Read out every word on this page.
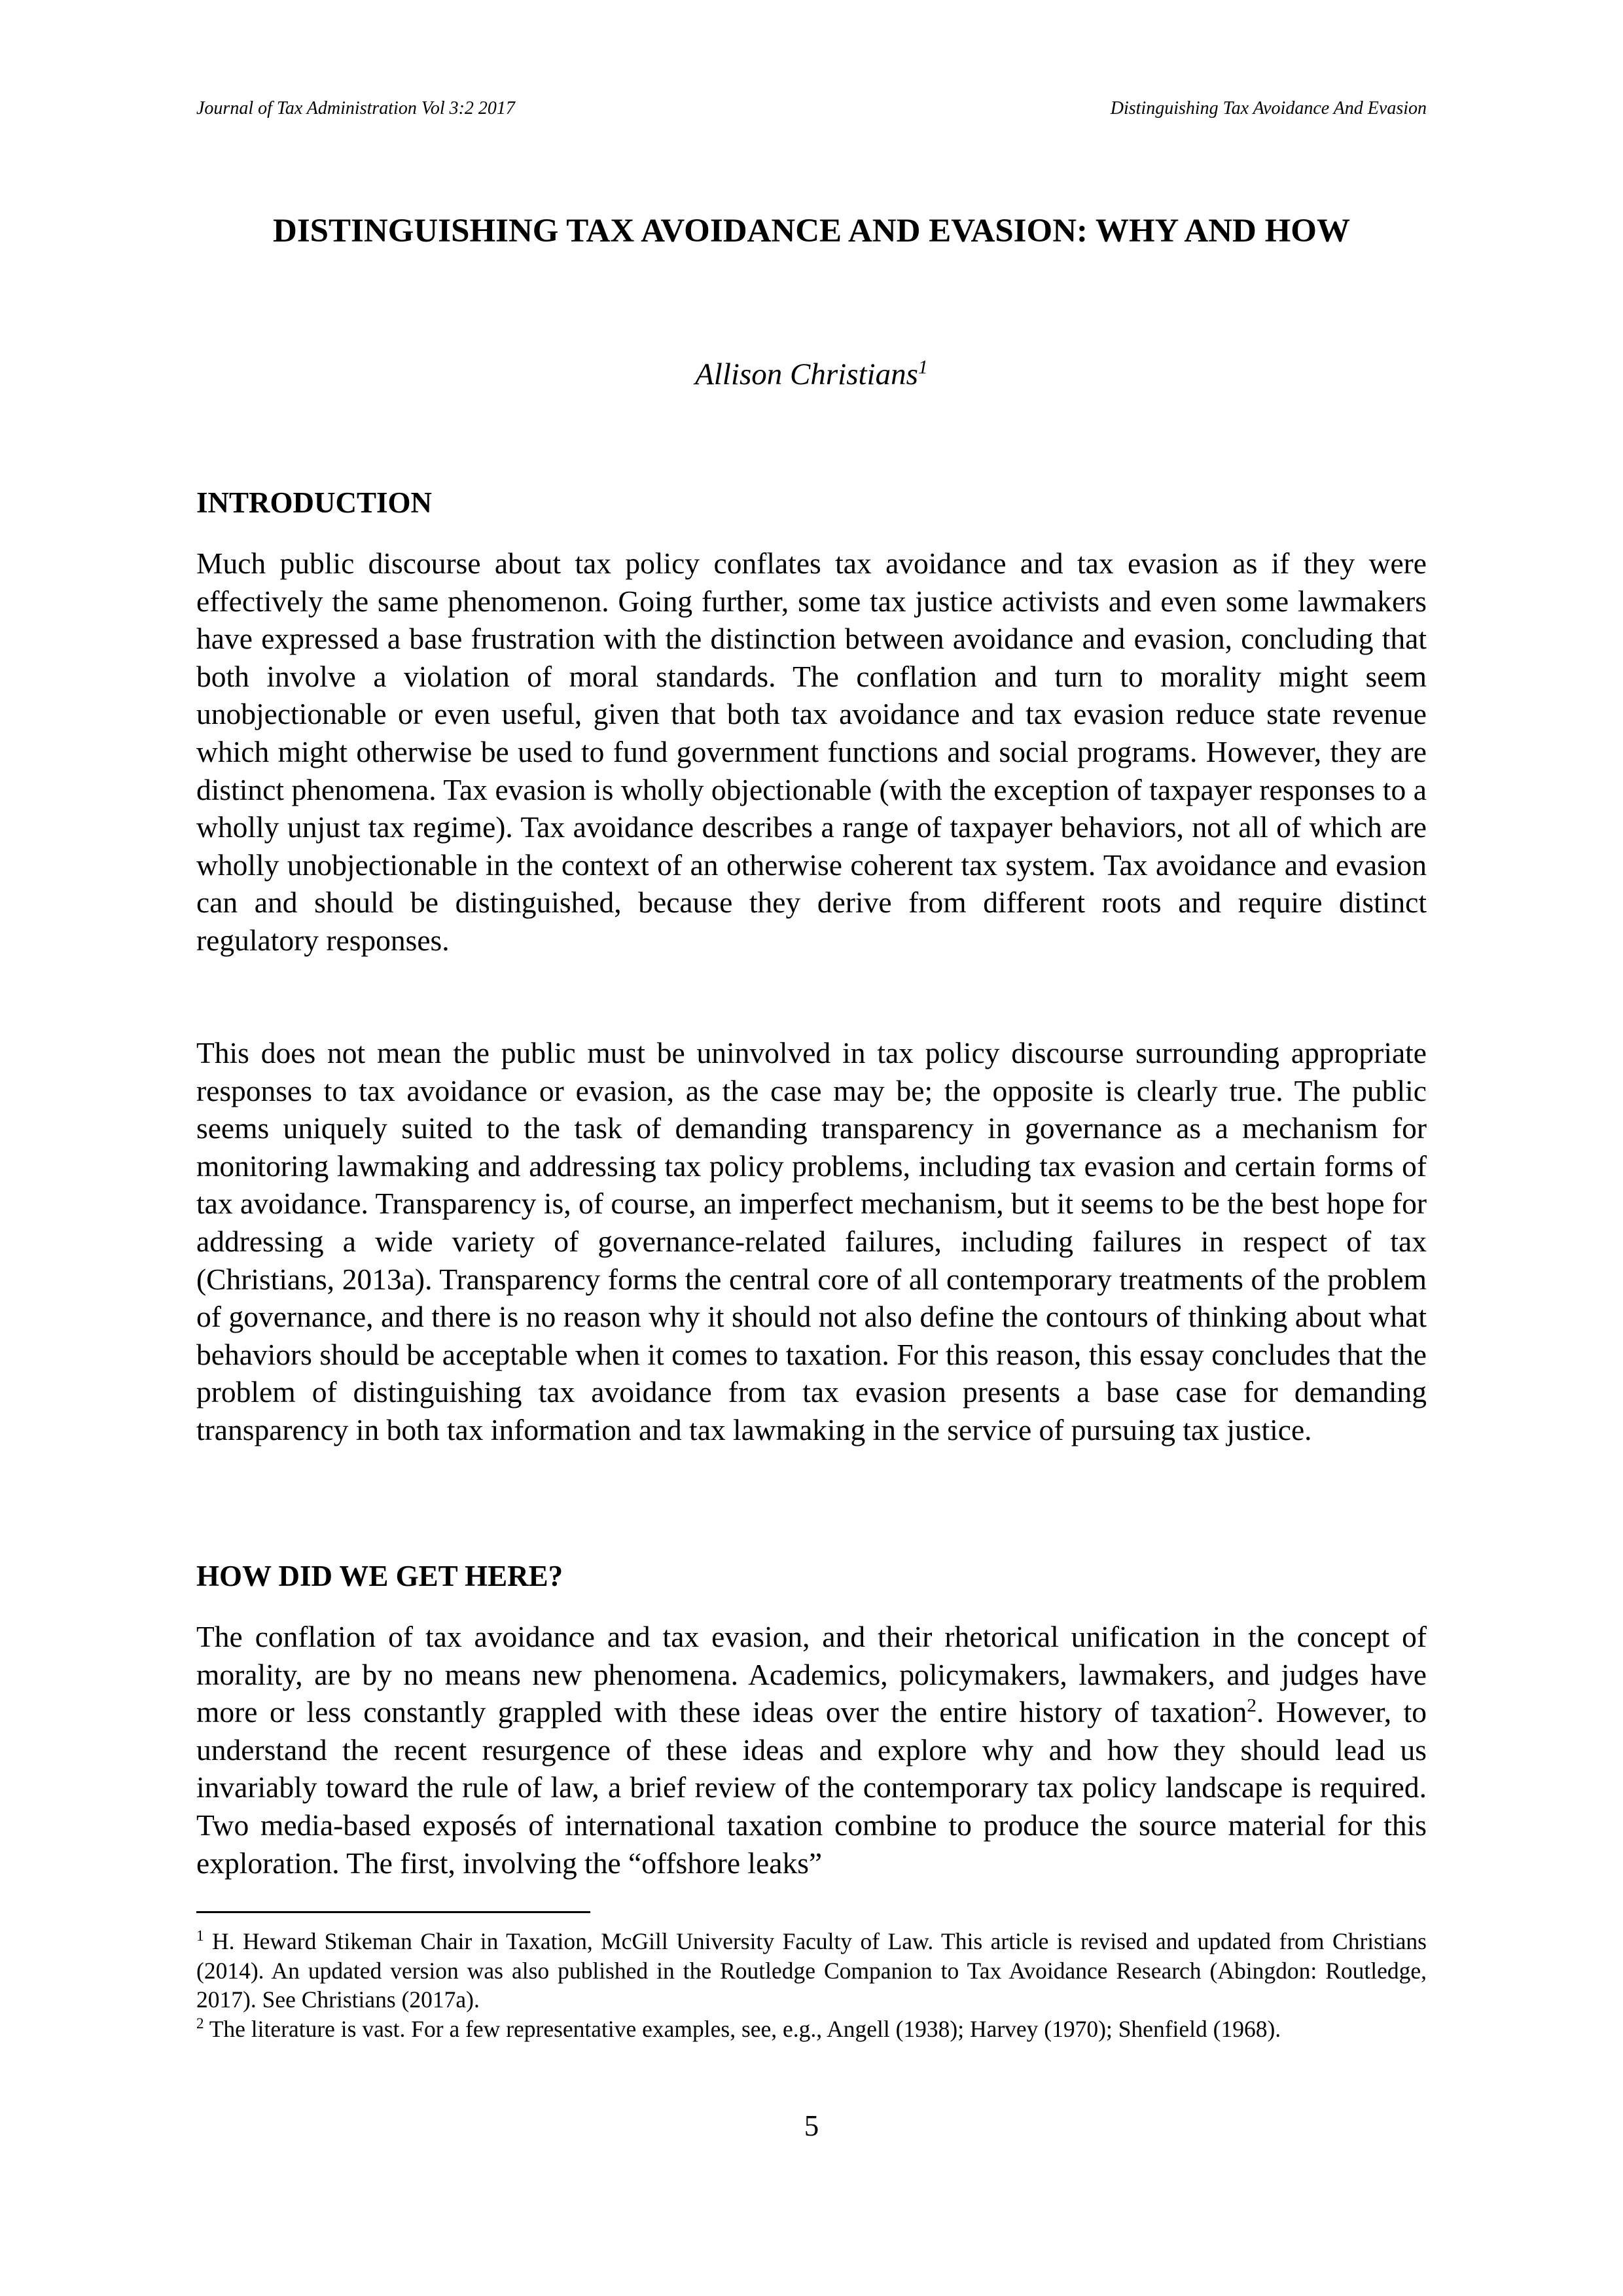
Journal of Tax Administration Vol 3:2 2017	Distinguishing Tax Avoidance And Evasion
DISTINGUISHING TAX AVOIDANCE AND EVASION: WHY AND HOW

Allison Christians$^1$

INTRODUCTION

Much public discourse about tax policy conflates tax avoidance and tax evasion as if they were effectively the same phenomenon. Going further, some tax justice activists and even some lawmakers have expressed a base frustration with the distinction between avoidance and evasion, concluding that both involve a violation of moral standards. The conflation and turn to morality might seem unobjectionable or even useful, given that both tax avoidance and tax evasion reduce state revenue which might otherwise be used to fund government functions and social programs. However, they are distinct phenomena. Tax evasion is wholly objectionable (with the exception of taxpayer responses to a wholly unjust tax regime). Tax avoidance describes a range of taxpayer behaviors, not all of which are wholly unobjectionable in the context of an otherwise coherent tax system. Tax avoidance and evasion can and should be distinguished, because they derive from different roots and require distinct regulatory responses.

This does not mean the public must be uninvolved in tax policy discourse surrounding appropriate responses to tax avoidance or evasion, as the case may be; the opposite is clearly true. The public seems uniquely suited to the task of demanding transparency in governance as a mechanism for monitoring lawmaking and addressing tax policy problems, including tax evasion and certain forms of tax avoidance. Transparency is, of course, an imperfect mechanism, but it seems to be the best hope for addressing a wide variety of governance-related failures, including failures in respect of tax (Christians, 2013a). Transparency forms the central core of all contemporary treatments of the problem of governance, and there is no reason why it should not also define the contours of thinking about what behaviors should be acceptable when it comes to taxation. For this reason, this essay concludes that the problem of distinguishing tax avoidance from tax evasion presents a base case for demanding transparency in both tax information and tax lawmaking in the service of pursuing tax justice.

HOW DID WE GET HERE?

The conflation of tax avoidance and tax evasion, and their rhetorical unification in the concept of morality, are by no means new phenomena. Academics, policymakers, lawmakers, and judges have more or less constantly grappled with these ideas over the entire history of taxation$^2$. However, to understand the recent resurgence of these ideas and explore why and how they should lead us invariably toward the rule of law, a brief review of the contemporary tax policy landscape is required. Two media-based exposés of international taxation combine to produce the source material for this exploration. The first, involving the “offshore leaks”

$^1$ H. Heward Stikeman Chair in Taxation, McGill University Faculty of Law. This article is revised and updated from Christians (2014). An updated version was also published in the Routledge Companion to Tax Avoidance Research (Abingdon: Routledge, 2017). See Christians (2017a).

$^2$ The literature is vast. For a few representative examples, see, e.g., Angell (1938); Harvey (1970); Shenfield (1968).

5
